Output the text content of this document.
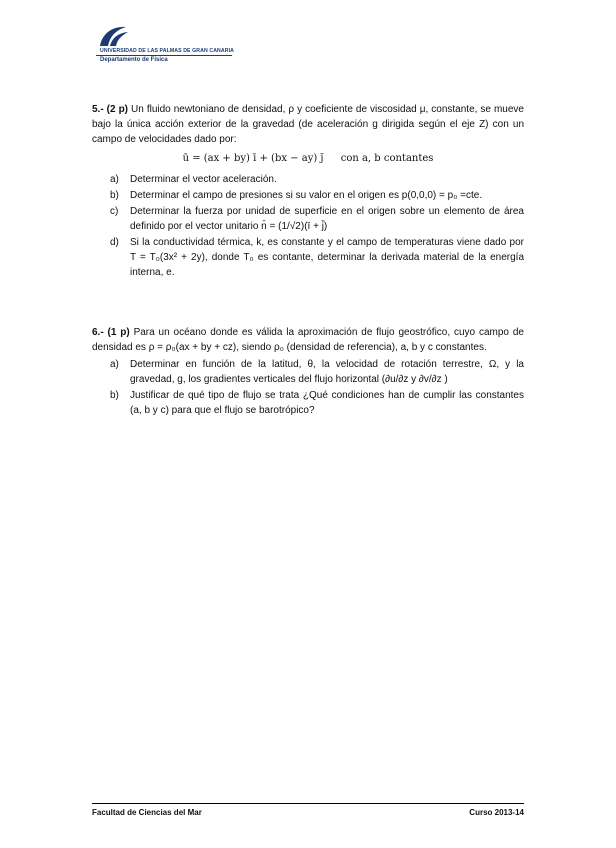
UNIVERSIDAD DE LAS PALMAS DE GRAN CANARIA
Departamento de Física
5.- (2 p) Un fluido newtoniano de densidad, ρ y coeficiente de viscosidad μ, constante, se mueve bajo la única acción exterior de la gravedad (de aceleración g dirigida según el eje Z) con un campo de velocidades dado por:
ū = (ax + by) ī + (bx − ay) j̄ con a, b contantes
a) Determinar el vector aceleración.
b) Determinar el campo de presiones si su valor en el origen es p(0,0,0) = p₀ =cte.
c) Determinar la fuerza por unidad de superficie en el origen sobre un elemento de área definido por el vector unitario n̄ = (1/√2)(ī + j̄)
d) Si la conductividad térmica, k, es constante y el campo de temperaturas viene dado por T = T₀(3x² + 2y), donde T₀ es contante, determinar la derivada material de la energía interna, e.
6.- (1 p) Para un océano donde es válida la aproximación de flujo geostrófico, cuyo campo de densidad es ρ = ρ₀(ax + by + cz), siendo ρ₀ (densidad de referencia), a, b y c constantes.
a) Determinar en función de la latitud, θ, la velocidad de rotación terrestre, Ω, y la gravedad, g, los gradientes verticales del flujo horizontal (∂u/∂z y ∂v/∂z )
b) Justificar de qué tipo de flujo se trata ¿Qué condiciones han de cumplir las constantes (a, b y c) para que el flujo se barotrópico?
Facultad de Ciencias del Mar	Curso 2013-14
